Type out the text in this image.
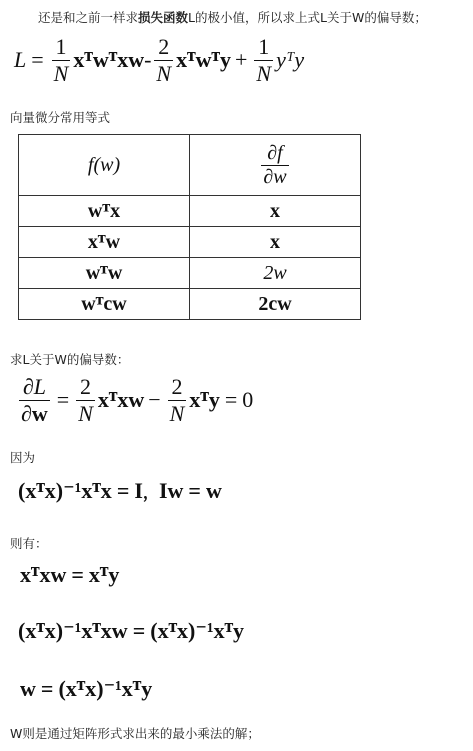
还是和之前一样求损失函数L的极小值，所以求上式L关于W的偏导数；
$L = \frac{1}{N}$ xᵀwᵀxw - $\frac{2}{N}$ xᵀwᵀy + $\frac{1}{N}$ yᵀy
向量微分常用等式
f(w)	$\frac{\partial f}{\partial w}$

wᵀx	x
xᵀw	x
wᵀw	2w
wᵀcw	2cw
求L关于W的偏导数：
$\frac{\partial L}{\partial w} = \frac{2}{N}$ xᵀxw − $\frac{2}{N}$ xᵀy = 0
因为
(xᵀx)⁻¹xᵀx = I ， Iw = w
则有：
xᵀxw = xᵀy
(xᵀx)⁻¹xᵀxw = (xᵀx)⁻¹xᵀy
w = (xᵀx)⁻¹xᵀy
W则是通过矩阵形式求出来的最小乘法的解；
